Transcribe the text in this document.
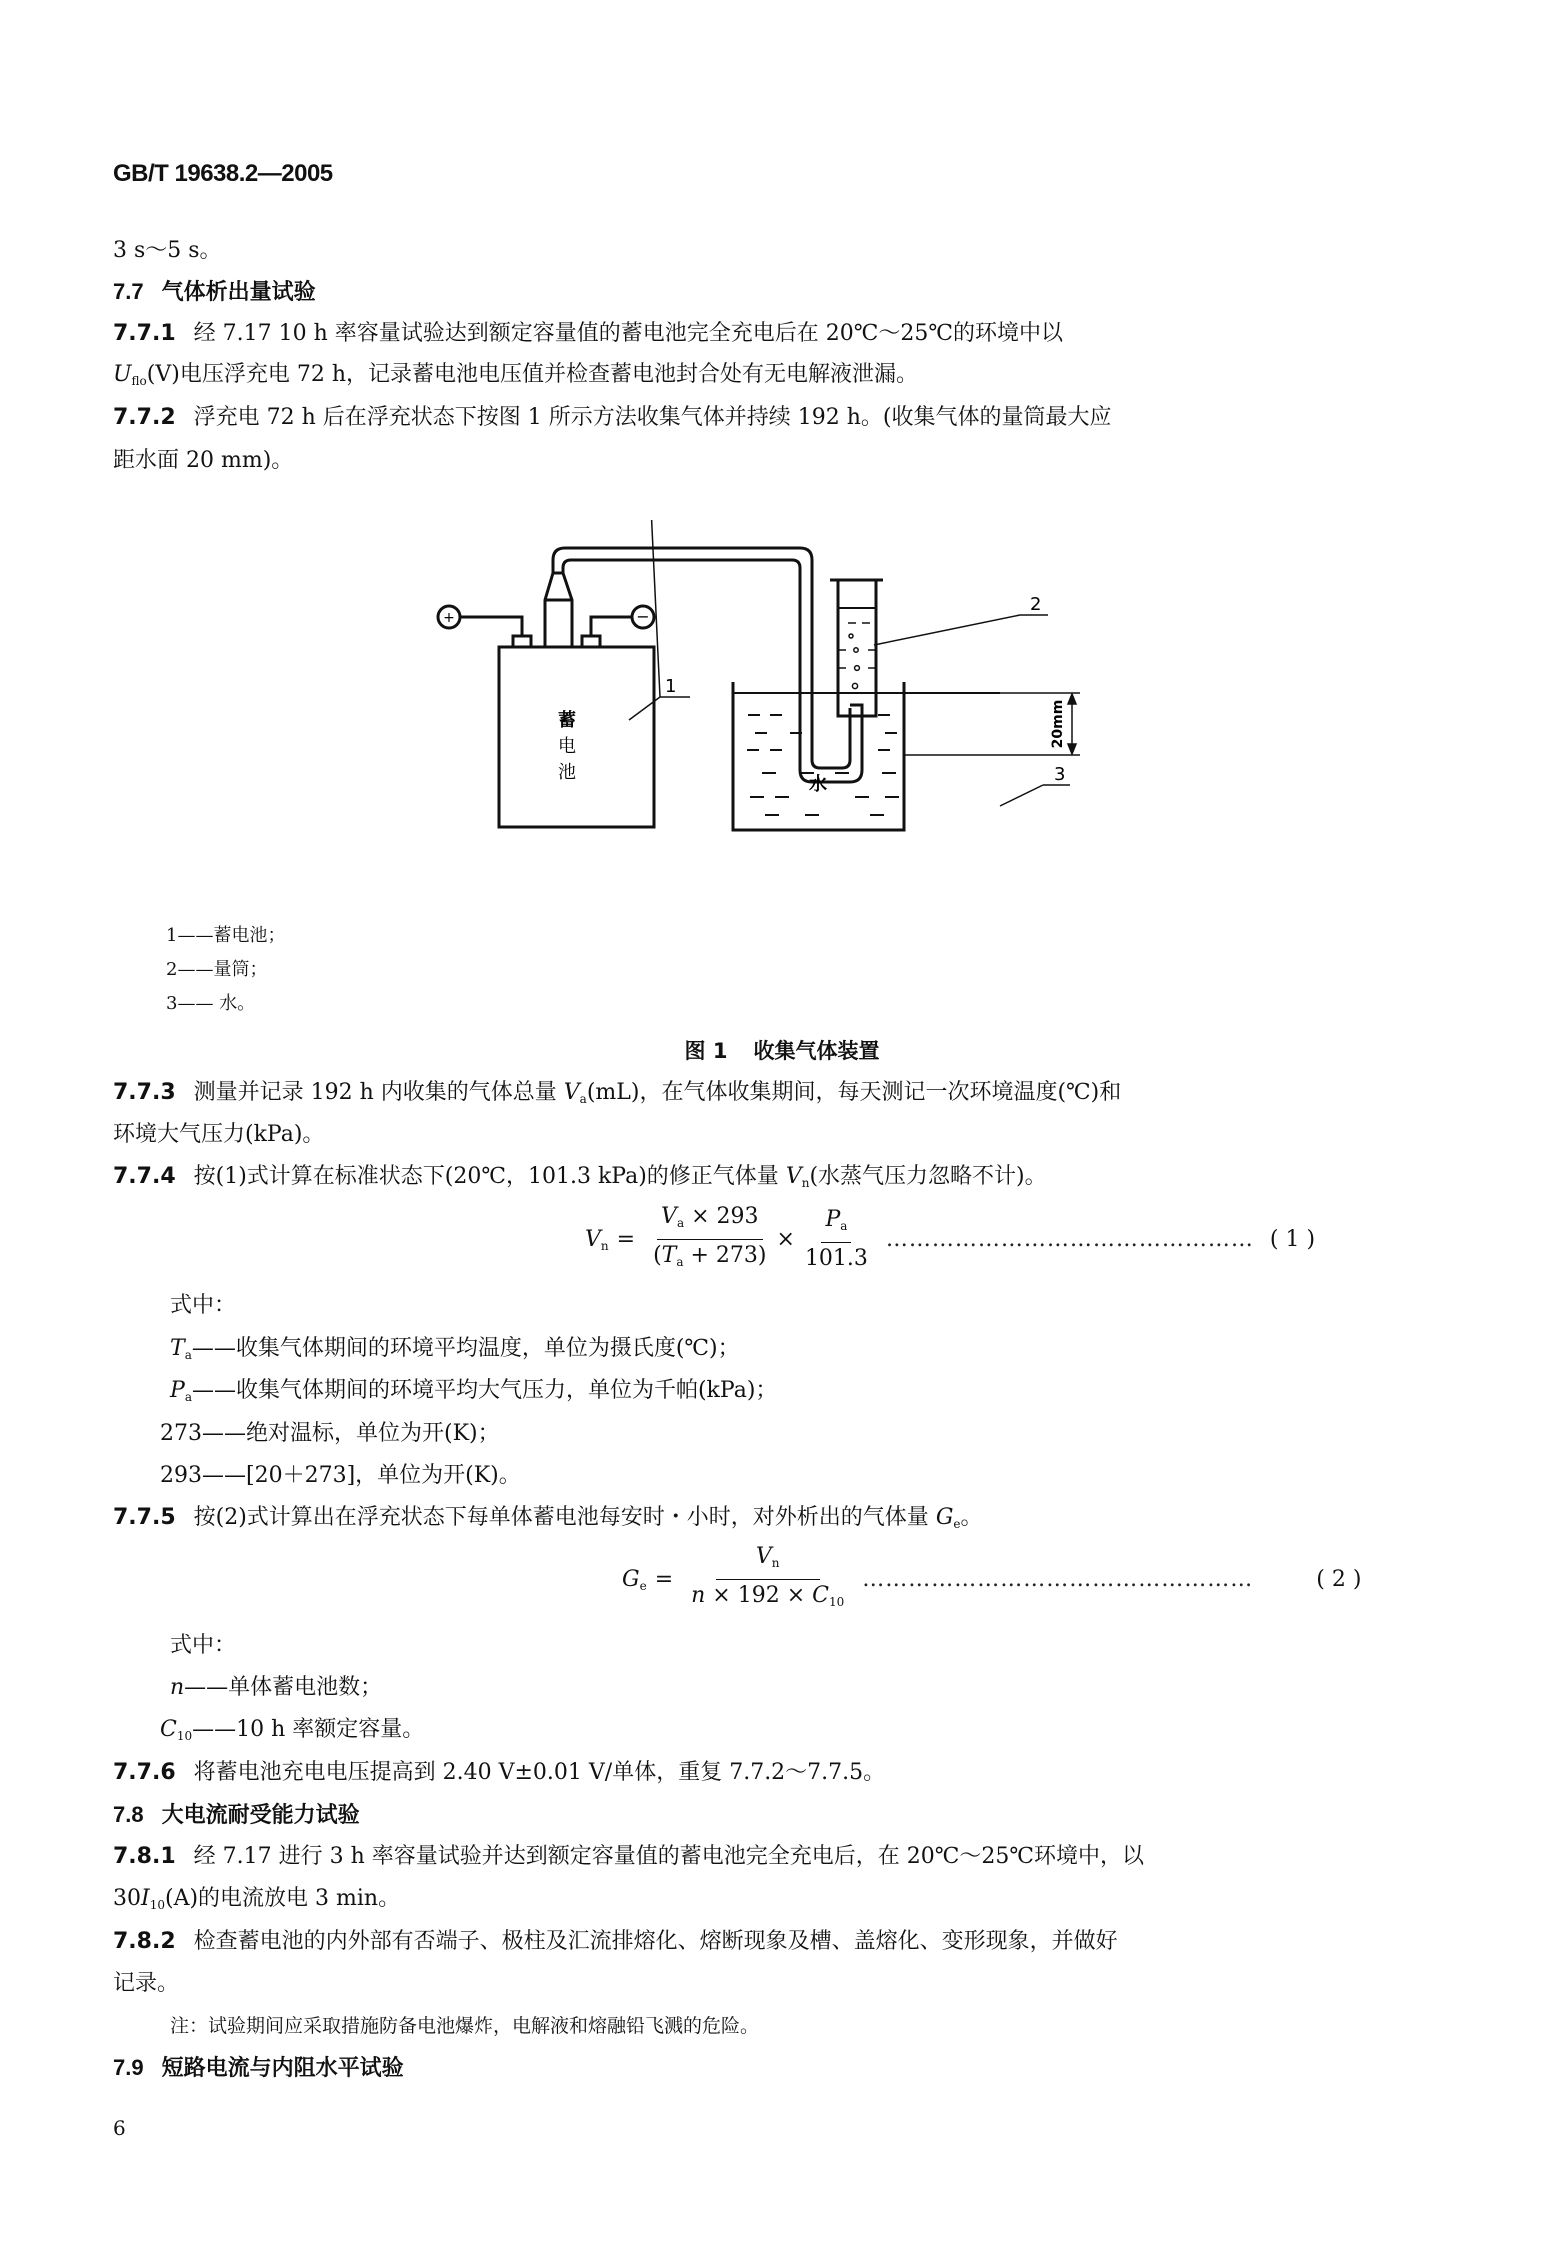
GB/T 19638.2—2005
3 s～5 s。
7.7 气体析出量试验
7.7.1 经 7.17 10 h 率容量试验达到额定容量值的蓄电池完全充电后在 20℃～25℃的环境中以
$U_{flo}(V)$电压浮充电 72 h，记录蓄电池电压值并检查蓄电池封合处有无电解液泄漏。
7.7.2 浮充电 72 h 后在浮充状态下按图 1 所示方法收集气体并持续 192 h。(收集气体的量筒最大应
距水面 20 mm)。
20mm
1
2
3
+	−
蓄
电
池
水
1——蓄电池；
2——量筒；
3—— 水。
图 1 收集气体装置
7.7.3 测量并记录 192 h 内收集的气体总量 $V_a(mL)$，在气体收集期间，每天测记一次环境温度(℃)和
环境大气压力(kPa)。
7.7.4 按(1)式计算在标准状态下(20℃，101.3 kPa)的修正气体量 $V_n$(水蒸气压力忽略不计)。
$V_n = \frac{V_a \times 293}{(T_a + 273)} \times \frac{P_a}{101.3}$ ………………………………………… ( 1 )
式中：
$T_a——$收集气体期间的环境平均温度，单位为摄氏度(℃)；
$P_a——$收集气体期间的环境平均大气压力，单位为千帕(kPa)；
273——绝对温标，单位为开(K)；
293——[20＋273]，单位为开(K)。
7.7.5 按(2)式计算出在浮充状态下每单体蓄电池每安时・小时，对外析出的气体量 $G_e$。
$G_e = \frac{V_n}{n \times 192 \times C_{10}}$ ……………………………………………	( 2 )
式中：
n——单体蓄电池数；
$C_{10}——10$ h 率额定容量。
7.7.6 将蓄电池充电电压提高到 2.40 V±0.01 V/单体，重复 7.7.2～7.7.5。
7.8 大电流耐受能力试验
7.8.1 经 7.17 进行 3 h 率容量试验并达到额定容量值的蓄电池完全充电后，在 20℃～25℃环境中，以
$30I_{10}(A)$的电流放电 3 min。
7.8.2 检查蓄电池的内外部有否端子、极柱及汇流排熔化、熔断现象及槽、盖熔化、变形现象，并做好
记录。
注：试验期间应采取措施防备电池爆炸，电解液和熔融铅飞溅的危险。
7.9 短路电流与内阻水平试验
6
